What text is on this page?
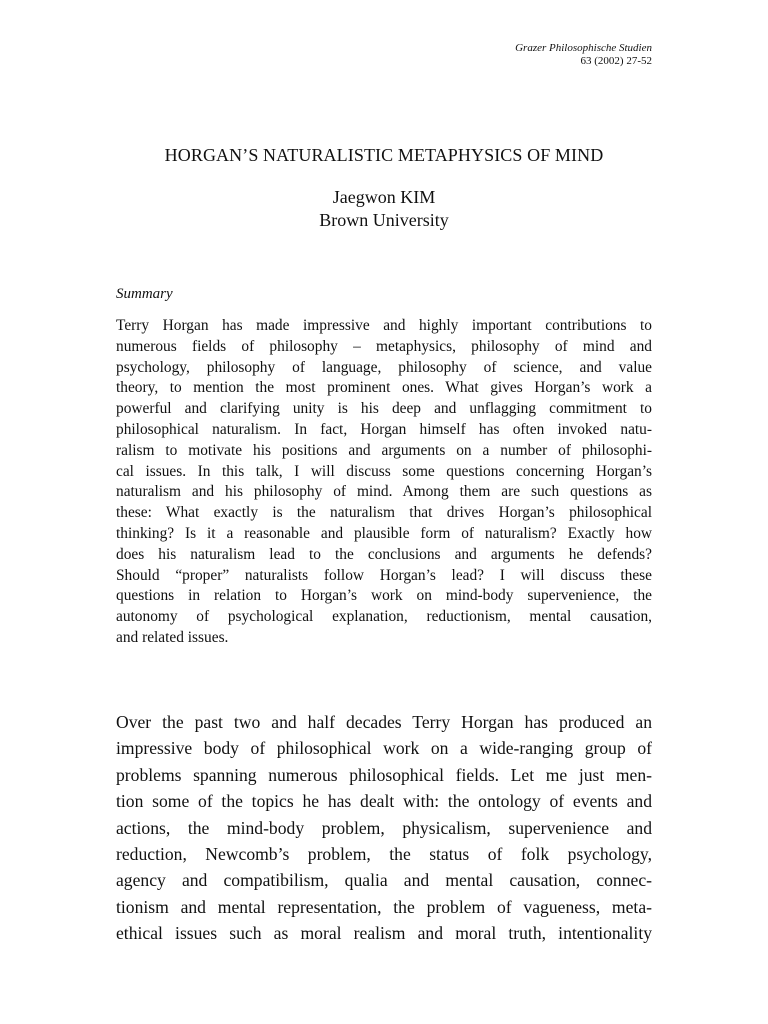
Grazer Philosophische Studien
63 (2002) 27-52
HORGAN’S NATURALISTIC METAPHYSICS OF MIND
Jaegwon KIM
Brown University
Summary
Terry Horgan has made impressive and highly important contributions to
numerous fields of philosophy – metaphysics, philosophy of mind and
psychology, philosophy of language, philosophy of science, and value
theory, to mention the most prominent ones. What gives Horgan’s work a
powerful and clarifying unity is his deep and unflagging commitment to
philosophical naturalism. In fact, Horgan himself has often invoked natu-
ralism to motivate his positions and arguments on a number of philosophi-
cal issues. In this talk, I will discuss some questions concerning Horgan’s
naturalism and his philosophy of mind. Among them are such questions as
these: What exactly is the naturalism that drives Horgan’s philosophical
thinking? Is it a reasonable and plausible form of naturalism? Exactly how
does his naturalism lead to the conclusions and arguments he defends?
Should “proper” naturalists follow Horgan’s lead? I will discuss these
questions in relation to Horgan’s work on mind-body supervenience, the
autonomy of psychological explanation, reductionism, mental causation,
and related issues.
Over the past two and half decades Terry Horgan has produced an
impressive body of philosophical work on a wide-ranging group of
problems spanning numerous philosophical fields. Let me just men-
tion some of the topics he has dealt with: the ontology of events and
actions, the mind-body problem, physicalism, supervenience and
reduction, Newcomb’s problem, the status of folk psychology,
agency and compatibilism, qualia and mental causation, connec-
tionism and mental representation, the problem of vagueness, meta-
ethical issues such as moral realism and moral truth, intentionality
